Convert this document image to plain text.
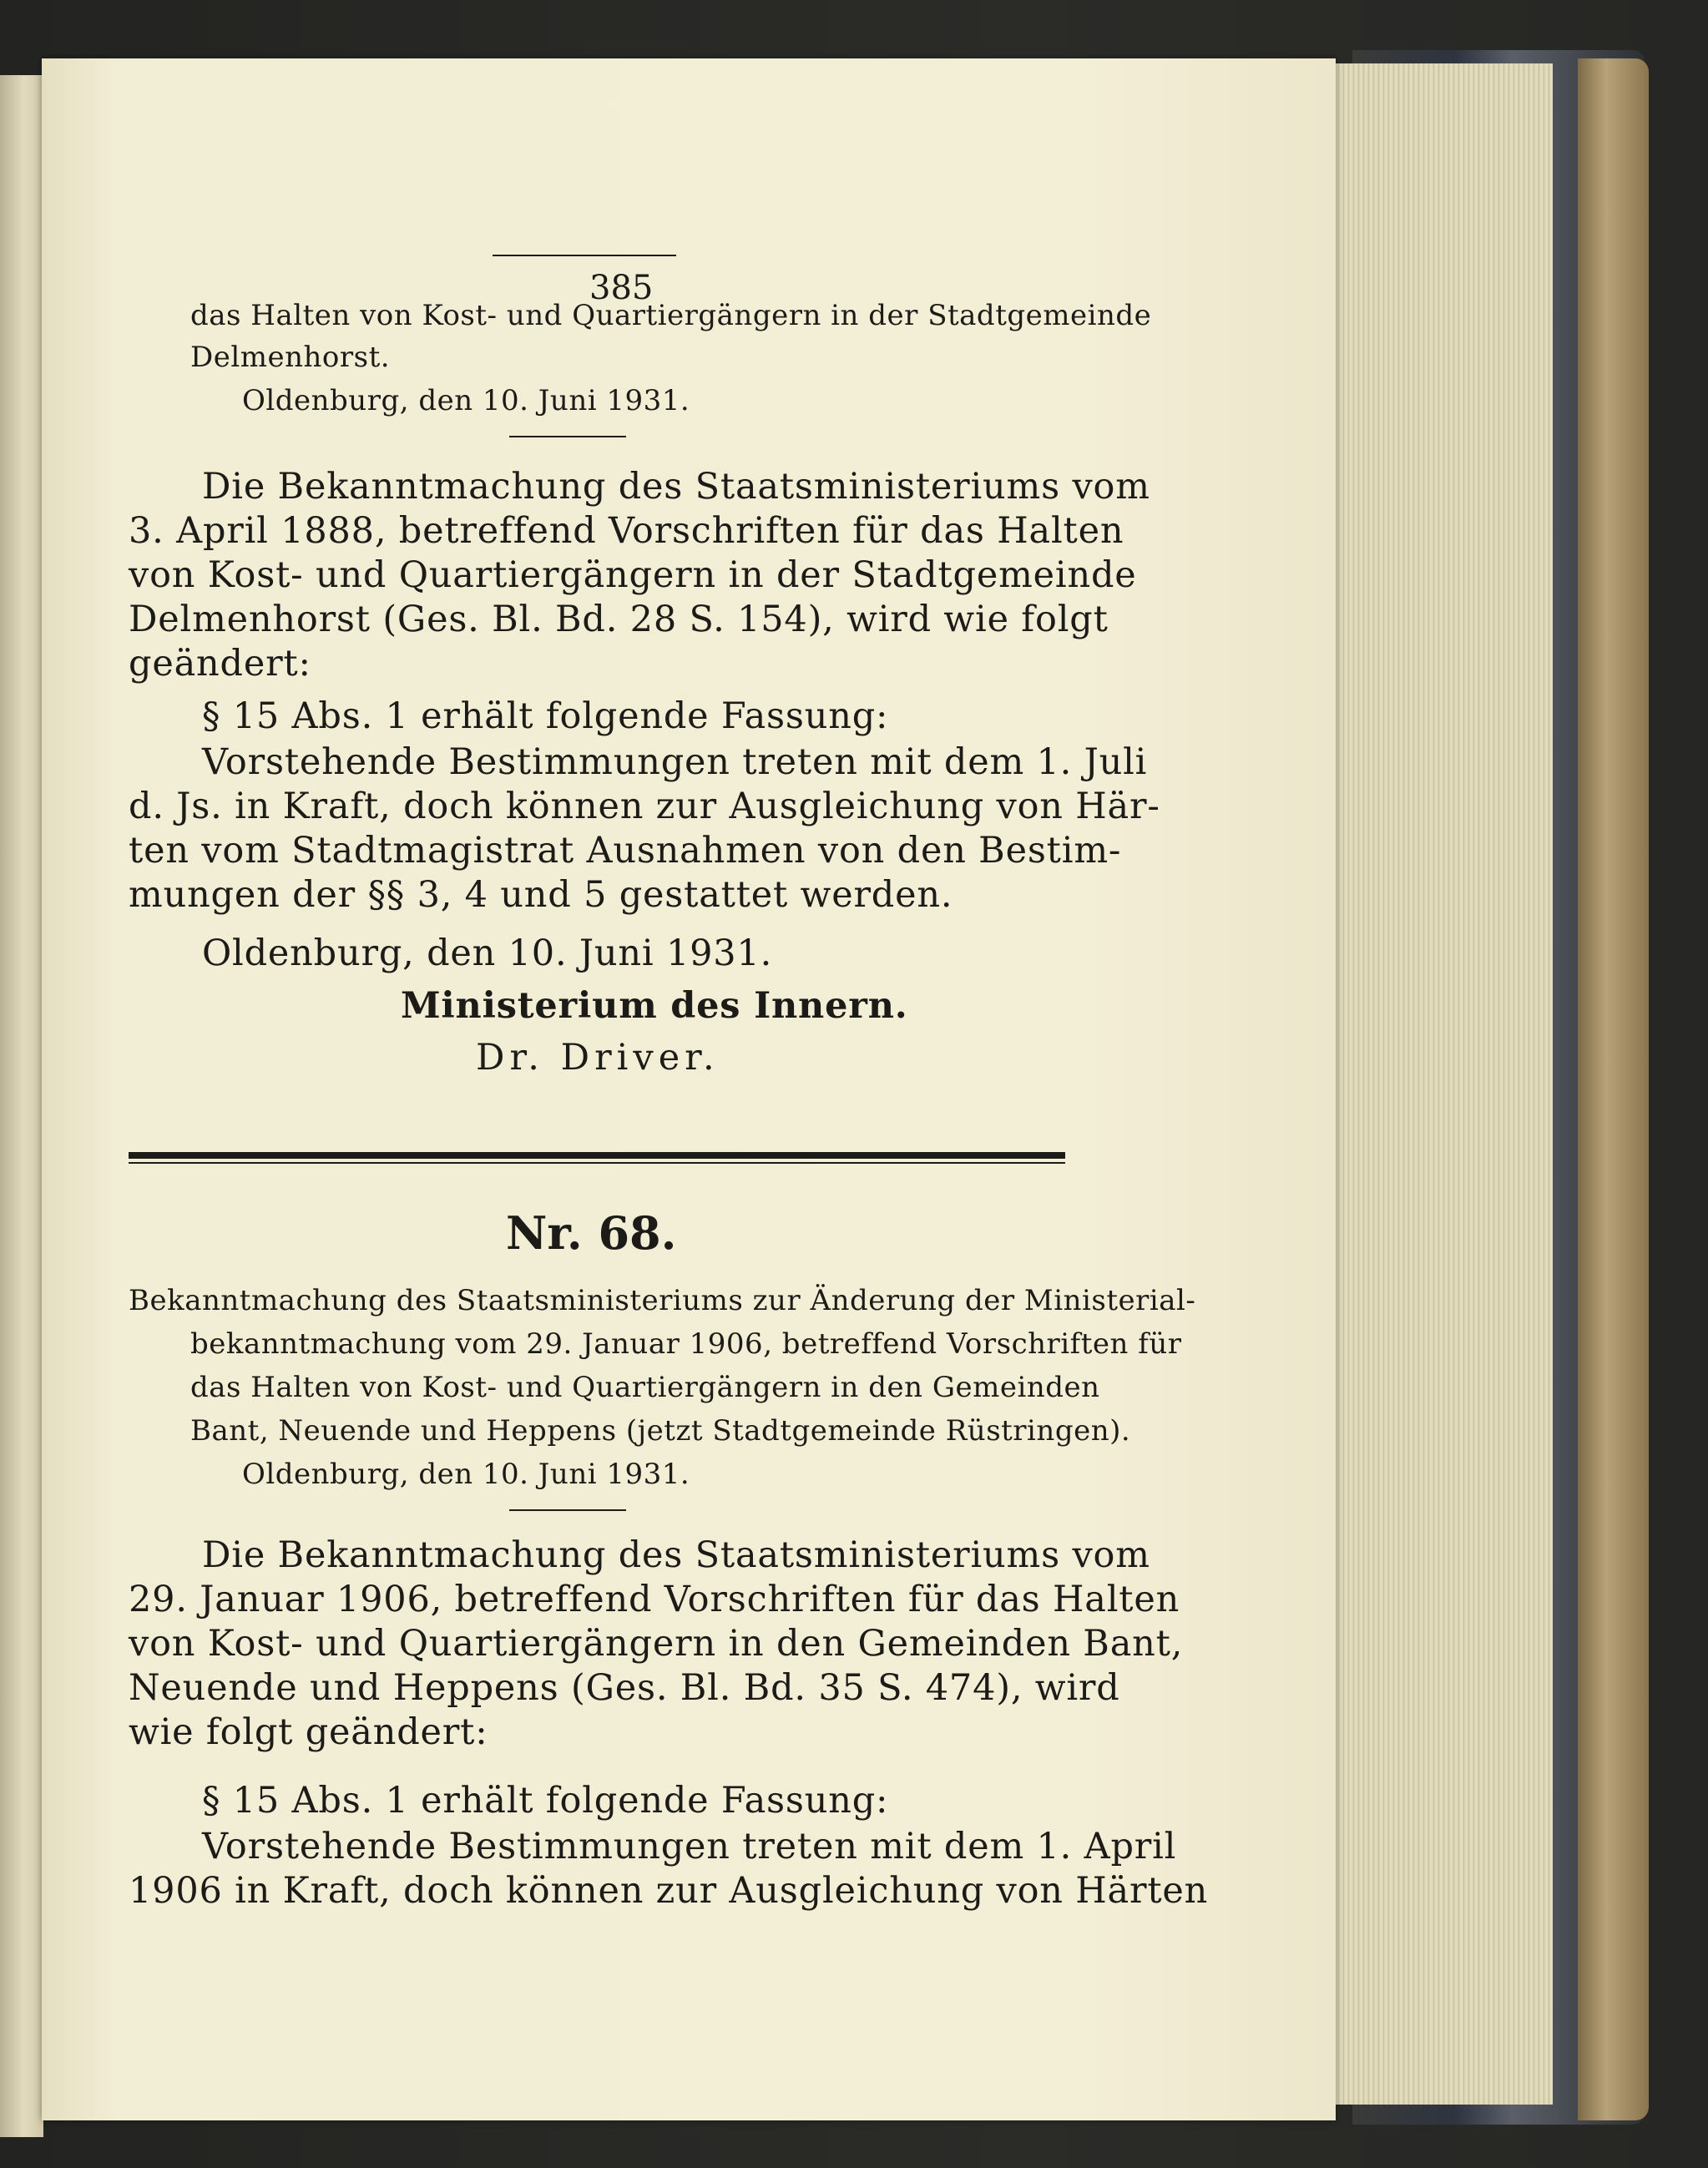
385
das Halten von Kost- und Quartiergängern in der Stadtgemeinde
Delmenhorst.
Oldenburg, den 10. Juni 1931.
Die Bekanntmachung des Staatsministeriums vom
3. April 1888, betreffend Vorschriften für das Halten
von Kost- und Quartiergängern in der Stadtgemeinde
Delmenhorst (Ges. Bl. Bd. 28 S. 154), wird wie folgt
geändert:
§ 15 Abs. 1 erhält folgende Fassung:
Vorstehende Bestimmungen treten mit dem 1. Juli
d. Js. in Kraft, doch können zur Ausgleichung von Här-
ten vom Stadtmagistrat Ausnahmen von den Bestim-
mungen der §§ 3, 4 und 5 gestattet werden.
Oldenburg, den 10. Juni 1931.
Ministerium des Innern.
Dr. Driver.
Nr. 68.
Bekanntmachung des Staatsministeriums zur Änderung der Ministerial-
bekanntmachung vom 29. Januar 1906, betreffend Vorschriften für
das Halten von Kost- und Quartiergängern in den Gemeinden
Bant, Neuende und Heppens (jetzt Stadtgemeinde Rüstringen).
Oldenburg, den 10. Juni 1931.
Die Bekanntmachung des Staatsministeriums vom
29. Januar 1906, betreffend Vorschriften für das Halten
von Kost- und Quartiergängern in den Gemeinden Bant,
Neuende und Heppens (Ges. Bl. Bd. 35 S. 474), wird
wie folgt geändert:
§ 15 Abs. 1 erhält folgende Fassung:
Vorstehende Bestimmungen treten mit dem 1. April
1906 in Kraft, doch können zur Ausgleichung von Härten
